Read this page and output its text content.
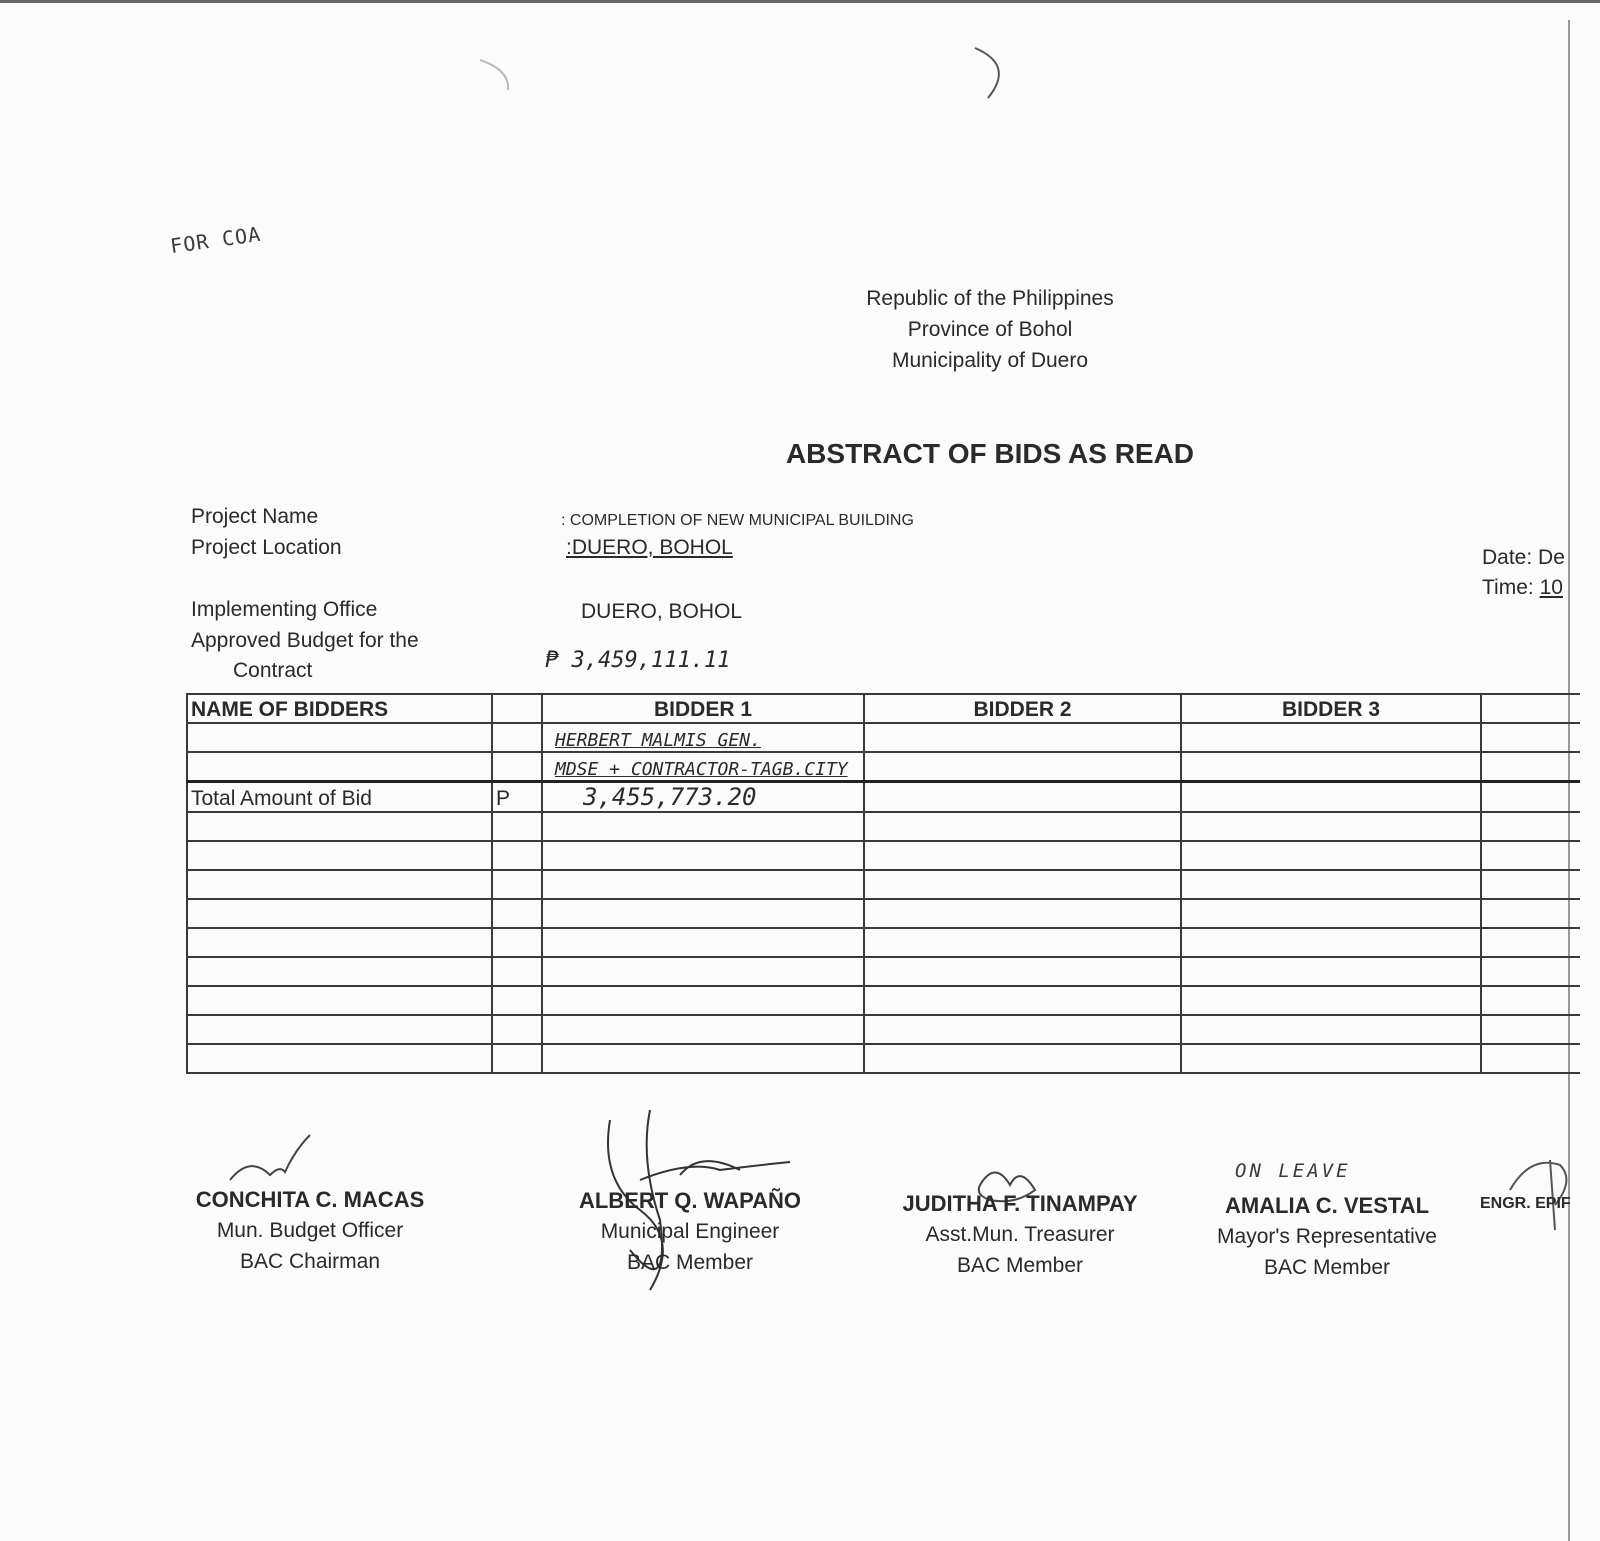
FOR COA
Republic of the Philippines
Province of Bohol
Municipality of Duero
ABSTRACT OF BIDS AS READ
Project Name	: COMPLETION OF NEW MUNICIPAL BUILDING
Project Location	:DUERO, BOHOL
Implementing Office	DUERO, BOHOL
Approved Budget for the
Contract	₱ 3,459,111.11
Date: De
Time: 10
NAME OF BIDDERS		BIDDER 1	BIDDER 2	BIDDER 3	
		HERBERT MALMIS GEN.			
		MDSE + CONTRACTOR-TAGB.CITY			
Total Amount of Bid	P	3,455,773.20			

ON LEAVE
CONCHITA C. MACAS
Mun. Budget Officer
BAC Chairman
ALBERT Q. WAPAÑO
Municipal Engineer
BAC Member
JUDITHA F. TINAMPAY
Asst.Mun. Treasurer
BAC Member
AMALIA C. VESTAL
Mayor's Representative
BAC Member
ENGR. EPIF
